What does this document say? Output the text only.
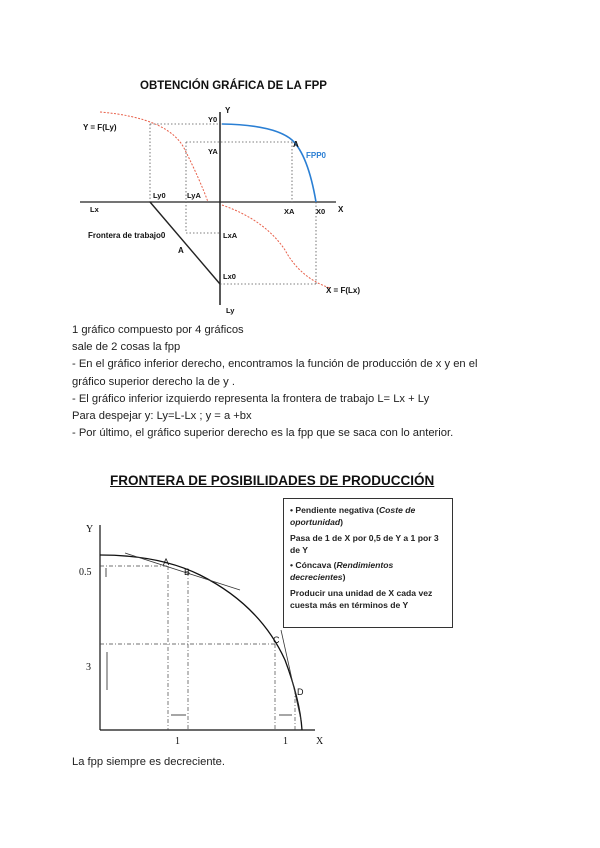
OBTENCIÓN GRÁFICA DE LA FPP
Y = F(Ly)
Y
Y0
YA
A
FPP0
X
XA	X0
Lx
Ly0	LyA
Frontera de trabajo0
A
LxA
Lx0
Ly
X = F(Lx)
1 gráfico compuesto por 4 gráficos
sale de 2 cosas la fpp
- En el gráfico inferior derecho, encontramos la función de producción de x y en el
gráfico superior derecho la de y .
- El gráfico inferior izquierdo representa la frontera de trabajo L= Lx + Ly
Para despejar y: Ly=L-Lx ; y = a +bx
- Por último, el gráfico superior derecho es la fpp que se saca con lo anterior.
FRONTERA DE POSIBILIDADES DE PRODUCCIÓN
A
B
C
D
Y
X
0.5
3
1	1

• Pendiente negativa (Coste de oportunidad)

Pasa de 1 de X por 0,5 de Y a 1 por 3 de Y

• Cóncava (Rendimientos decrecientes)

Producir una unidad de X cada vez cuesta más en términos de Y

La fpp siempre es decreciente.
